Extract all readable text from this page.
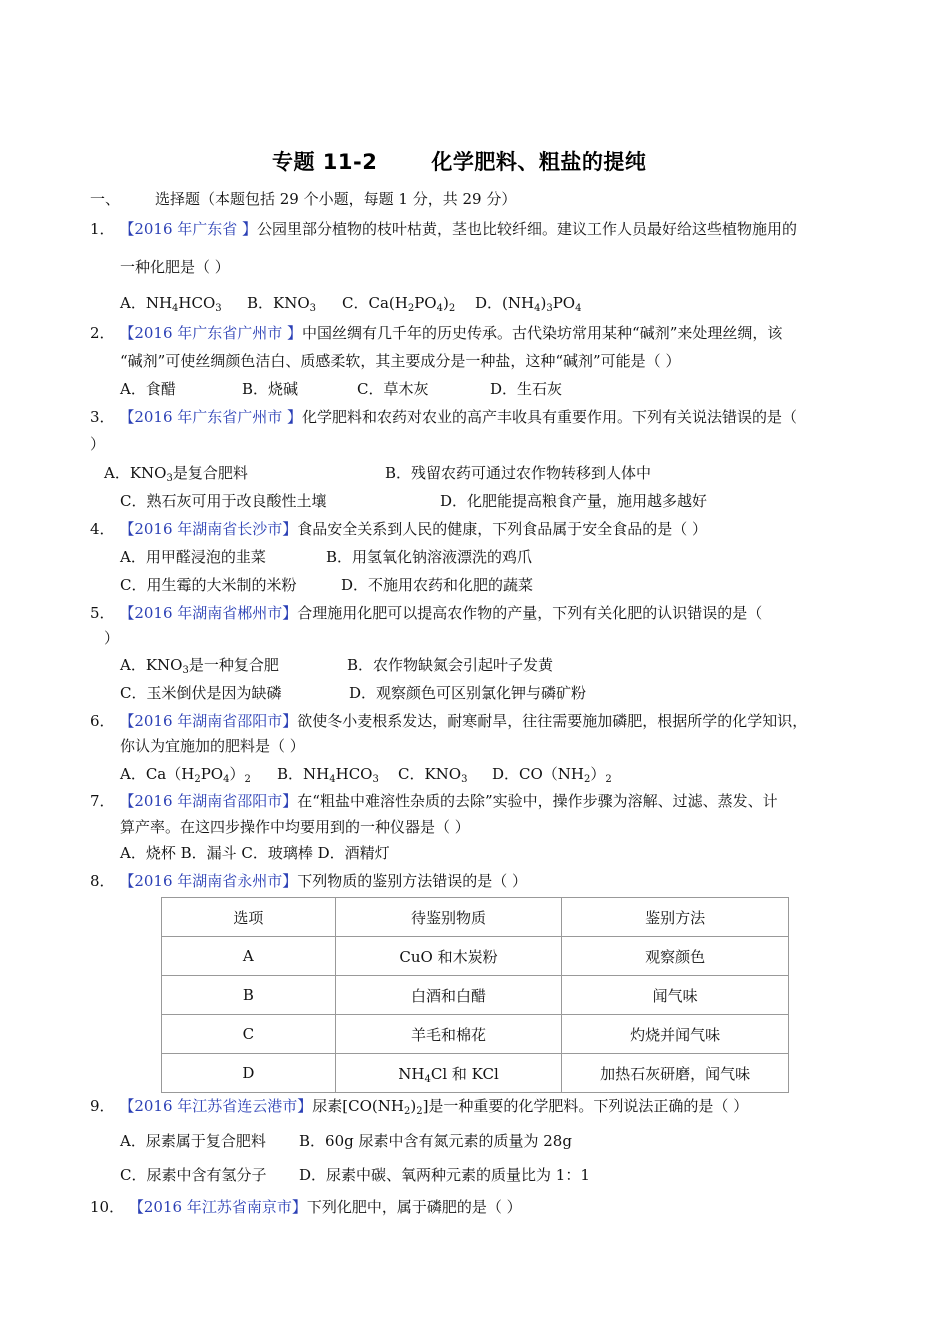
专题 11-2	化学肥料、粗盐的提纯
一、 选择题（本题包括 29 个小题，每题 1 分，共 29 分）
1． 【2016 年广东省 】公园里部分植物的枝叶枯黄，茎也比较纤细。建议工作人员最好给这些植物施用的
一种化肥是（ ）
A．$NH_4HCO_3$ B．$KNO_3$ C．$Ca(H_2PO_4)_2$ D．$(NH_4)_3PO_4$
2． 【2016 年广东省广州市 】中国丝绸有几千年的历史传承。古代染坊常用某种“碱剂”来处理丝绸，该
“碱剂”可使丝绸颜色洁白、质感柔软，其主要成分是一种盐，这种“碱剂”可能是（ ）
A．食醋	B．烧碱	C．草木灰	D．生石灰
3． 【2016 年广东省广州市 】化学肥料和农药对农业的高产丰收具有重要作用。下列有关说法错误的是（
）
A．$KNO_3$是复合肥料	B．残留农药可通过农作物转移到人体中
C．熟石灰可用于改良酸性土壤	D．化肥能提高粮食产量，施用越多越好
4． 【2016 年湖南省长沙市】食品安全关系到人民的健康，下列食品属于安全食品的是（ ）
A．用甲醛浸泡的韭菜	B．用氢氧化钠溶液漂洗的鸡爪
C．用生霉的大米制的米粉	D．不施用农药和化肥的蔬菜
5． 【2016 年湖南省郴州市】合理施用化肥可以提高农作物的产量，下列有关化肥的认识错误的是（
）
A．$KNO_3$是一种复合肥	B．农作物缺氮会引起叶子发黄
C．玉米倒伏是因为缺磷	D．观察颜色可区别氯化钾与磷矿粉
6． 【2016 年湖南省邵阳市】欲使冬小麦根系发达，耐寒耐旱，往往需要施加磷肥，根据所学的化学知识，
你认为宜施加的肥料是（ ）
A．$Ca(H_2PO_4)_2$ B．$NH_4HCO_3$ C．$KNO_3$ D．$CO(NH_2)_2$
7． 【2016 年湖南省邵阳市】在“粗盐中难溶性杂质的去除”实验中，操作步骤为溶解、过滤、蒸发、计
算产率。在这四步操作中均要用到的一种仪器是（ ）
A．烧杯 B．漏斗 C．玻璃棒 D．酒精灯
8． 【2016 年湖南省永州市】下列物质的鉴别方法错误的是（ ）
选项	待鉴别物质	鉴别方法
A	CuO 和木炭粉	观察颜色
B	白酒和白醋	闻气味
C	羊毛和棉花	灼烧并闻气味
D	$NH_4Cl$ 和 KCl	加热石灰研磨，闻气味
9． 【2016 年江苏省连云港市】尿素$[CO(NH_2)_2]$是一种重要的化学肥料。下列说法正确的是（ ）
A．尿素属于复合肥料 B．60g 尿素中含有氮元素的质量为 28g
C．尿素中含有氢分子 D．尿素中碳、氧两种元素的质量比为 1：1
10． 【2016 年江苏省南京市】下列化肥中，属于磷肥的是（ ）
